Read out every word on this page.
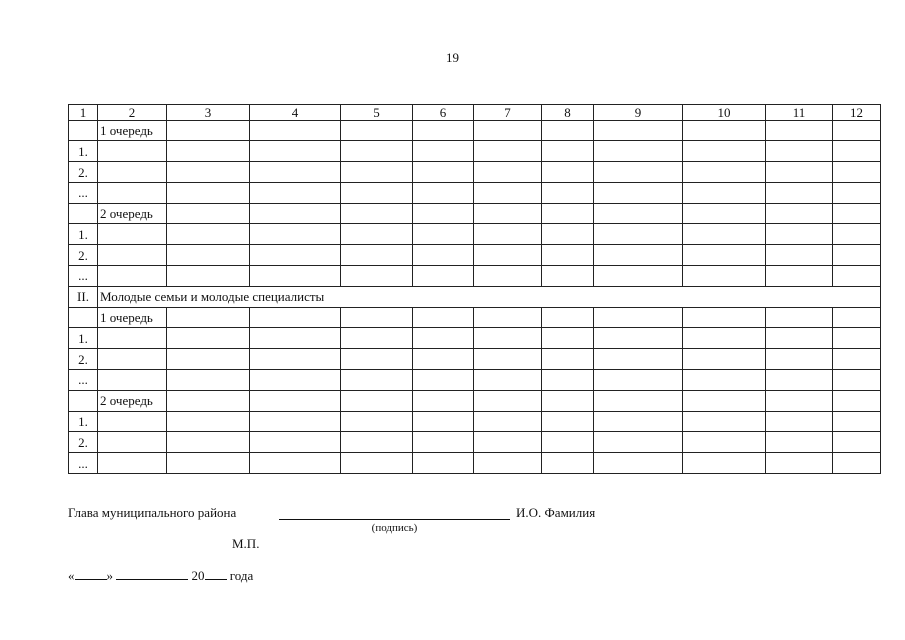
19
1	2	3	4	5	6	7	8	9	10	11	12
	1 очередь										
1.											
2.											
...											
	2 очередь										
1.											
2.											
...											
II.	Молодые семьи и молодые специалисты										
	1 очередь										
1.											
2.											
...											
	2 очередь										
1.											
2.											
...											
Глава муниципального района	И.О. Фамилия
(подпись)
М.П.
« »	20 года
